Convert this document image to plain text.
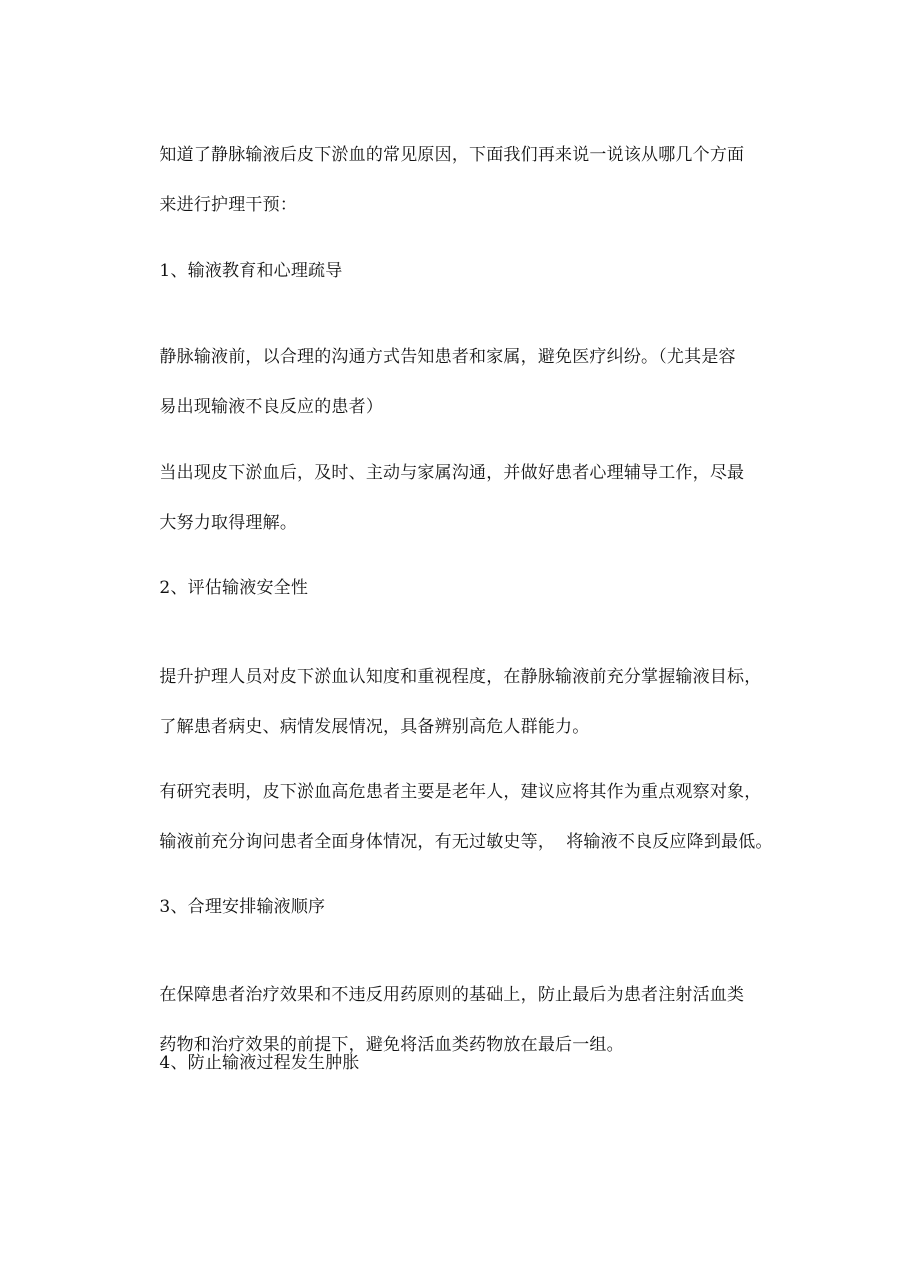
知道了静脉输液后皮下淤血的常见原因，下面我们再来说一说该从哪几个方面

来进行护理干预：

1、输液教育和心理疏导

静脉输液前，以合理的沟通方式告知患者和家属，避免医疗纠纷。（尤其是容

易出现输液不良反应的患者）

当出现皮下淤血后，及时、主动与家属沟通，并做好患者心理辅导工作，尽最

大努力取得理解。

2、评估输液安全性

提升护理人员对皮下淤血认知度和重视程度，在静脉输液前充分掌握输液目标，

了解患者病史、病情发展情况，具备辨别高危人群能力。

有研究表明，皮下淤血高危患者主要是老年人，建议应将其作为重点观察对象，

输液前充分询问患者全面身体情况，有无过敏史等，  将输液不良反应降到最低。

3、合理安排输液顺序

在保障患者治疗效果和不违反用药原则的基础上，防止最后为患者注射活血类

药物和治疗效果的前提下，避免将活血类药物放在最后一组。

4、防止输液过程发生肿胀
